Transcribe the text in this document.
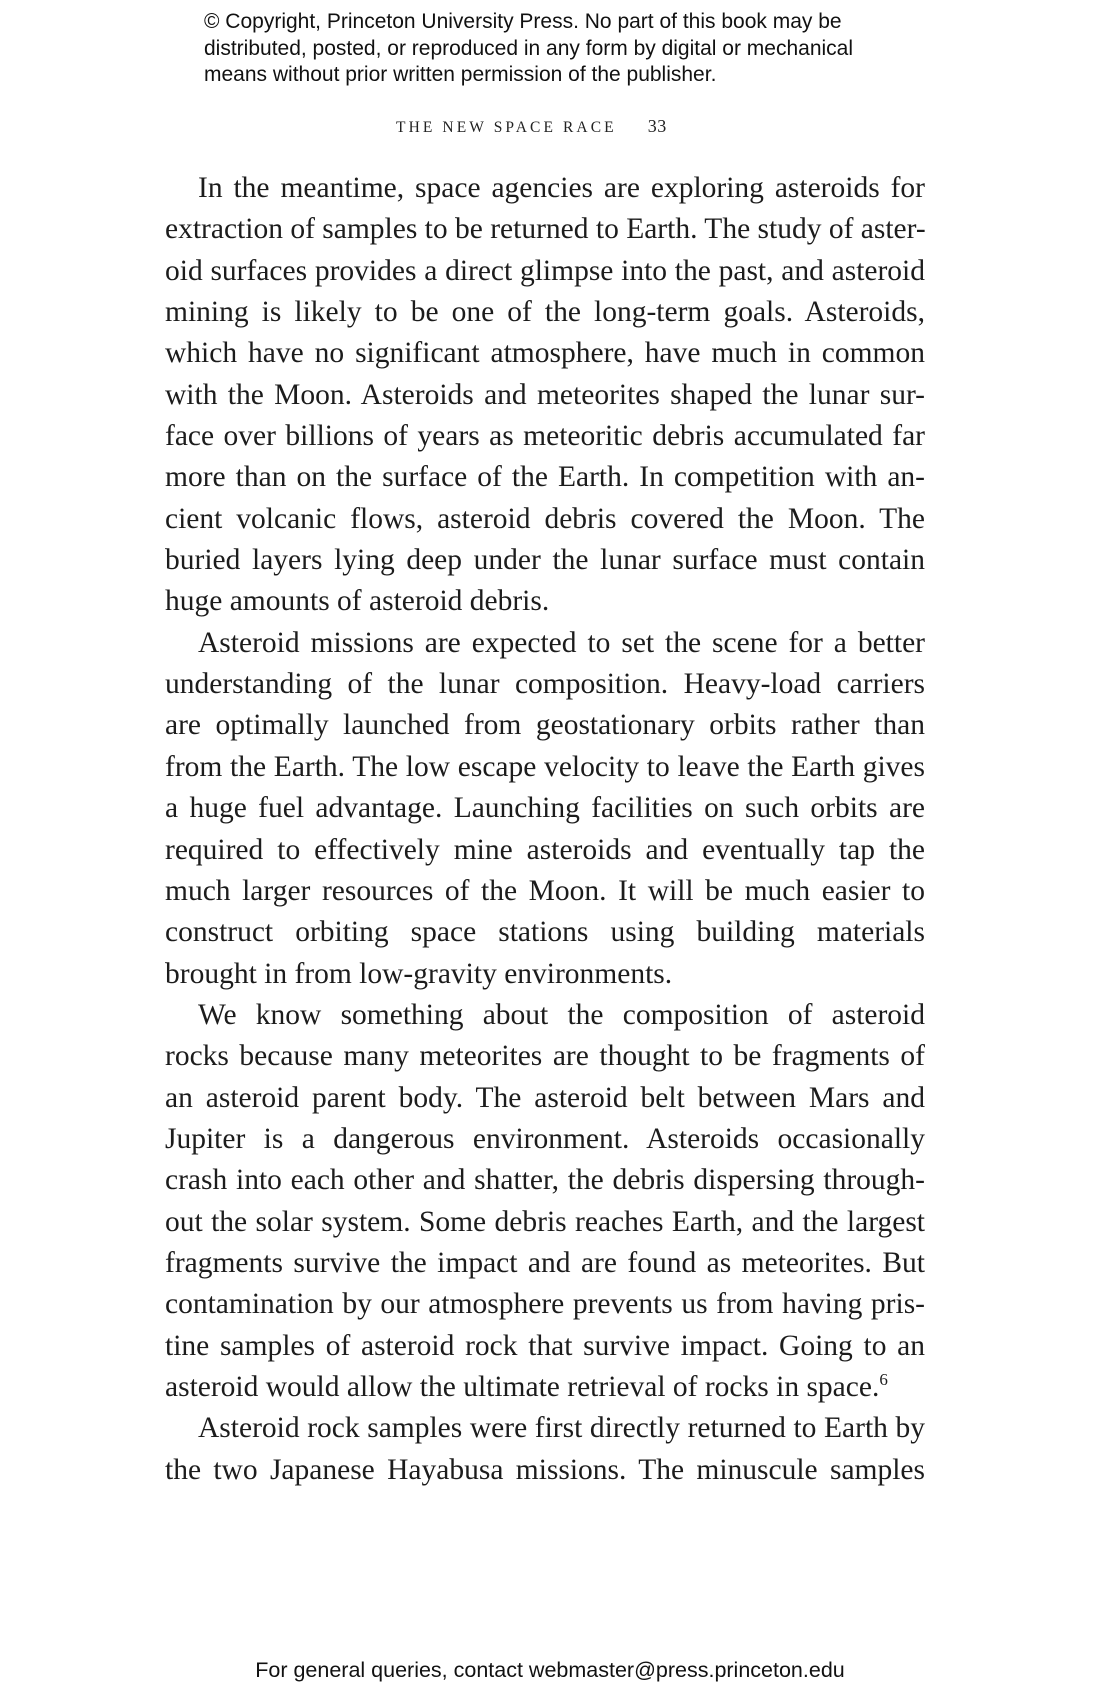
© Copyright, Princeton University Press. No part of this book may be
distributed, posted, or reproduced in any form by digital or mechanical
means without prior written permission of the publisher.
THE NEW SPACE RACE 33
In the meantime, space agencies are exploring asteroids for
extraction of samples to be returned to Earth. The study of aster-
oid surfaces provides a direct glimpse into the past, and asteroid
mining is likely to be one of the long-term goals. Asteroids,
which have no significant atmosphere, have much in common
with the Moon. Asteroids and meteorites shaped the lunar sur-
face over billions of years as meteoritic debris accumulated far
more than on the surface of the Earth. In competition with an-
cient volcanic flows, asteroid debris covered the Moon. The
buried layers lying deep under the lunar surface must contain
huge amounts of asteroid debris.
Asteroid missions are expected to set the scene for a better
understanding of the lunar composition. Heavy-load carriers
are optimally launched from geostationary orbits rather than
from the Earth. The low escape velocity to leave the Earth gives
a huge fuel advantage. Launching facilities on such orbits are
required to effectively mine asteroids and eventually tap the
much larger resources of the Moon. It will be much easier to
construct orbiting space stations using building materials
brought in from low-gravity environments.
We know something about the composition of asteroid
rocks because many meteorites are thought to be fragments of
an asteroid parent body. The asteroid belt between Mars and
Jupiter is a dangerous environment. Asteroids occasionally
crash into each other and shatter, the debris dispersing through-
out the solar system. Some debris reaches Earth, and the largest
fragments survive the impact and are found as meteorites. But
contamination by our atmosphere prevents us from having pris-
tine samples of asteroid rock that survive impact. Going to an
asteroid would allow the ultimate retrieval of rocks in space.$^6$
Asteroid rock samples were first directly returned to Earth by
the two Japanese Hayabusa missions. The minuscule samples
For general queries, contact webmaster@press.princeton.edu
